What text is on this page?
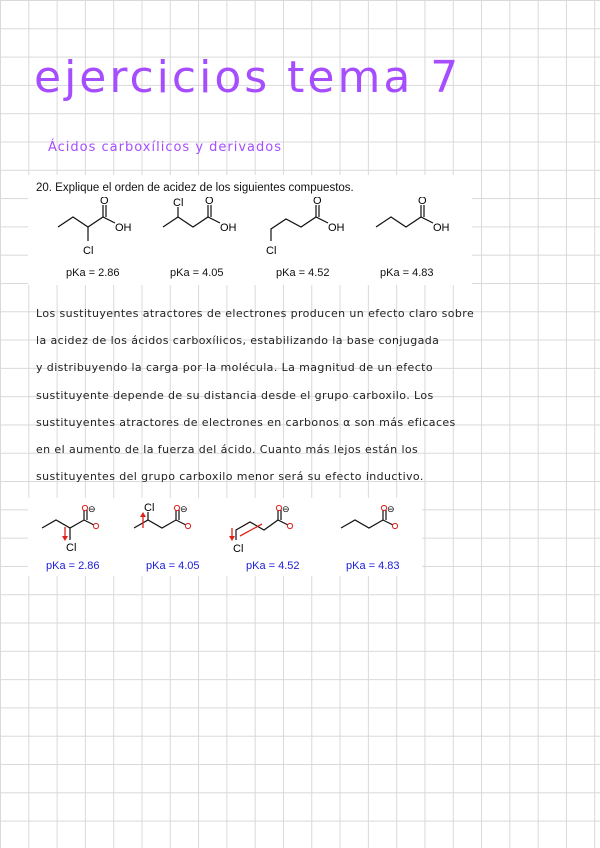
ejercicios tema 7
Ácidos carboxílicos y derivados
20. Explique el orden de acidez de los siguientes compuestos.
O
OH
Cl
O
OH
Cl	O
OH
Cl
O
OH
pKa = 2.86	pKa = 4.05	pKa = 4.52	pKa = 4.83
Los sustituyentes atractores de electrones producen un efecto claro sobre
la acidez de los ácidos carboxílicos, estabilizando la base conjugada
y distribuyendo la carga por la molécula. La magnitud de un efecto
sustituyente depende de su distancia desde el grupo carboxilo. Los
sustituyentes atractores de electrones en carbonos α son más eficaces
en el aumento de la fuerza del ácido. Cuanto más lejos están los
sustituyentes del grupo carboxilo menor será su efecto inductivo.
⊖
Cl
⊖
Cl	⊖
Cl
⊖
pKa = 2.86	pKa = 4.05	pKa = 4.52	pKa = 4.83
